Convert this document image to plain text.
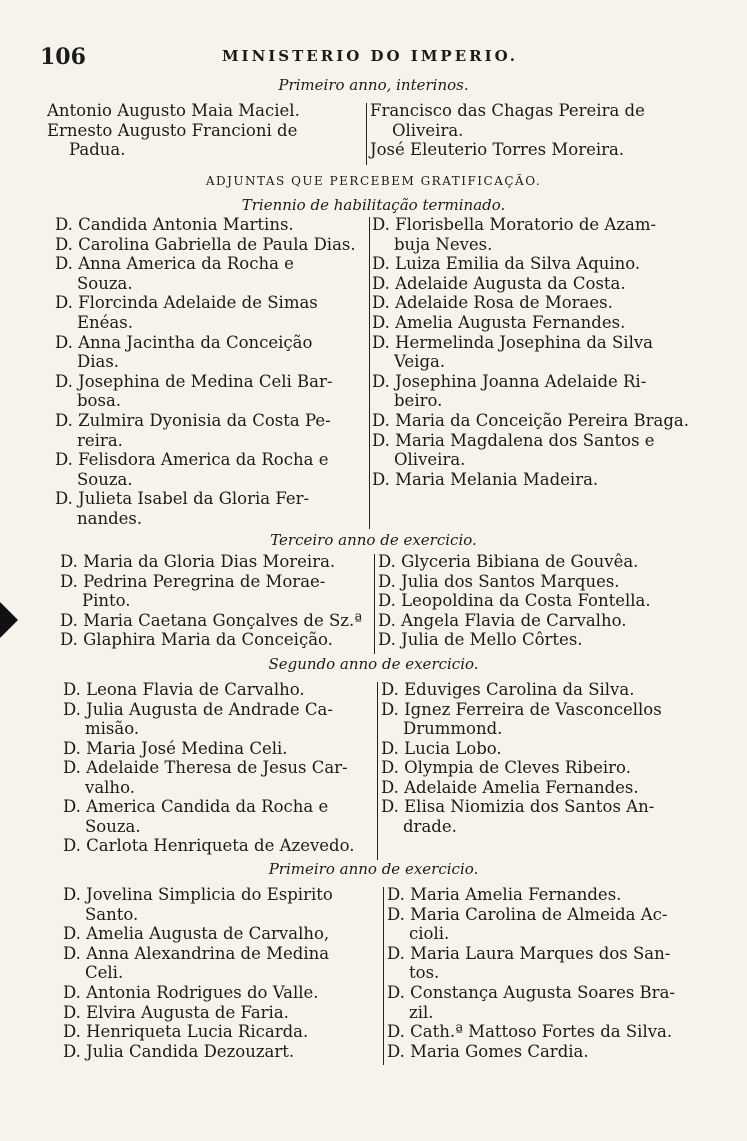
106	MINISTERIO DO IMPERIO.
Primeiro anno, interinos.
Antonio Augusto Maia Maciel.
Ernesto Augusto Francioni de
Padua.
Francisco das Chagas Pereira de
Oliveira.
José Eleuterio Torres Moreira.
ADJUNTAS QUE PERCEBEM GRATIFICAÇÃO.
Triennio de habilitação terminado.
D. Candida Antonia Martins.
D. Carolina Gabriella de Paula Dias.
D. Anna America da Rocha e
Souza.
D. Florcinda Adelaide de Simas
Enéas.
D. Anna Jacintha da Conceição
Dias.
D. Josephina de Medina Celi Bar-
bosa.
D. Zulmira Dyonisia da Costa Pe-
reira.
D. Felisdora America da Rocha e
Souza.
D. Julieta Isabel da Gloria Fer-
nandes.
D. Florisbella Moratorio de Azam-
buja Neves.
D. Luiza Emilia da Silva Aquino.
D. Adelaide Augusta da Costa.
D. Adelaide Rosa de Moraes.
D. Amelia Augusta Fernandes.
D. Hermelinda Josephina da Silva
Veiga.
D. Josephina Joanna Adelaide Ri-
beiro.
D. Maria da Conceição Pereira Braga.
D. Maria Magdalena dos Santos e
Oliveira.
D. Maria Melania Madeira.
Terceiro anno de exercicio.
D. Maria da Gloria Dias Moreira.
D. Pedrina Peregrina de Morae-
Pinto.
D. Maria Caetana Gonçalves de Sz.ª
D. Glaphira Maria da Conceição.
D. Glyceria Bibiana de Gouvêa.
D. Julia dos Santos Marques.
D. Leopoldina da Costa Fontella.
D. Angela Flavia de Carvalho.
D. Julia de Mello Côrtes.
Segundo anno de exercicio.
D. Leona Flavia de Carvalho.
D. Julia Augusta de Andrade Ca-
misão.
D. Maria José Medina Celi.
D. Adelaide Theresa de Jesus Car-
valho.
D. America Candida da Rocha e
Souza.
D. Carlota Henriqueta de Azevedo.
D. Eduviges Carolina da Silva.
D. Ignez Ferreira de Vasconcellos
Drummond.
D. Lucia Lobo.
D. Olympia de Cleves Ribeiro.
D. Adelaide Amelia Fernandes.
D. Elisa Niomizia dos Santos An-
drade.
Primeiro anno de exercicio.
D. Jovelina Simplicia do Espirito
Santo.
D. Amelia Augusta de Carvalho,
D. Anna Alexandrina de Medina
Celi.
D. Antonia Rodrigues do Valle.
D. Elvira Augusta de Faria.
D. Henriqueta Lucia Ricarda.
D. Julia Candida Dezouzart.
D. Maria Amelia Fernandes.
D. Maria Carolina de Almeida Ac-
cioli.
D. Maria Laura Marques dos San-
tos.
D. Constança Augusta Soares Bra-
zil.
D. Cath.ª Mattoso Fortes da Silva.
D. Maria Gomes Cardia.
